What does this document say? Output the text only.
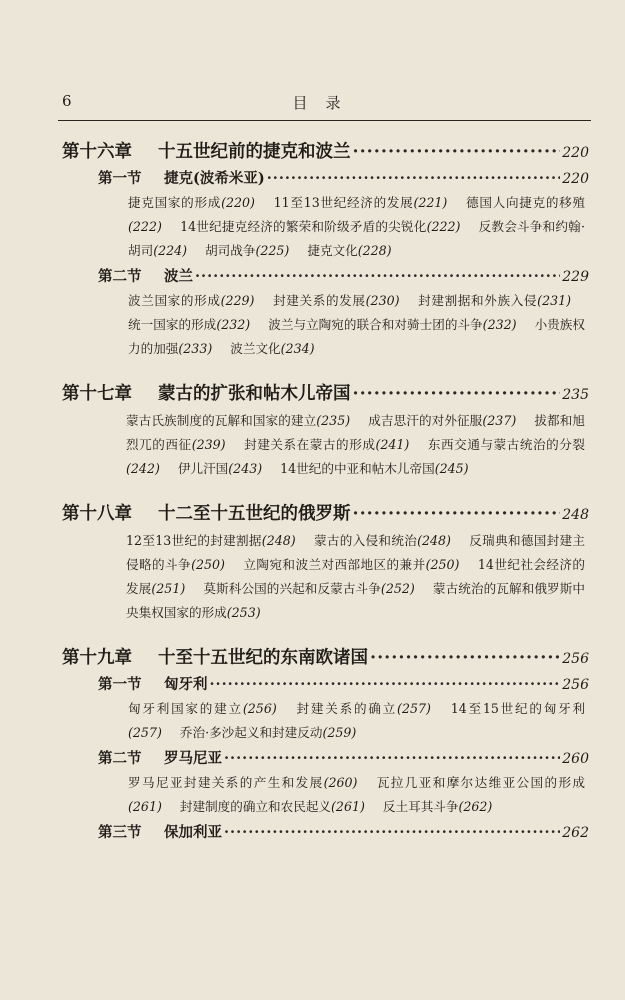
6	目录
第十六章 十五世纪前的捷克和波兰 ·····	220
第一节 捷克(波希米亚) ·····	220
捷克国家的形成(220) 11至13世纪经济的发展(221) 德国人向捷克的移殖(222) 14世纪捷克经济的繁荣和阶级矛盾的尖锐化(222) 反教会斗争和约翰·胡司(224) 胡司战争(225) 捷克文化(228)
第二节 波兰 ·····	229
波兰国家的形成(229) 封建关系的发展(230) 封建割据和外族入侵(231) 统一国家的形成(232) 波兰与立陶宛的联合和对骑士团的斗争(232) 小贵族权力的加强(233) 波兰文化(234)
第十七章 蒙古的扩张和帖木儿帝国 ·····	235
蒙古氏族制度的瓦解和国家的建立(235) 成吉思汗的对外征服(237) 拔都和旭烈兀的西征(239) 封建关系在蒙古的形成(241) 东西交通与蒙古统治的分裂(242) 伊儿汗国(243) 14世纪的中亚和帖木儿帝国(245)
第十八章 十二至十五世纪的俄罗斯 ·····	248
12至13世纪的封建割据(248) 蒙古的入侵和统治(248) 反瑞典和德国封建主侵略的斗争(250) 立陶宛和波兰对西部地区的兼并(250) 14世纪社会经济的发展(251) 莫斯科公国的兴起和反蒙古斗争(252) 蒙古统治的瓦解和俄罗斯中央集权国家的形成(253)
第十九章 十至十五世纪的东南欧诸国 ·····	256
第一节 匈牙利 ·····	256
匈牙利国家的建立(256) 封建关系的确立(257) 14至15世纪的匈牙利(257) 乔治·多沙起义和封建反动(259)
第二节 罗马尼亚 ·····	260
罗马尼亚封建关系的产生和发展(260) 瓦拉几亚和摩尔达维亚公国的形成(261) 封建制度的确立和农民起义(261) 反土耳其斗争(262)
第三节 保加利亚 ·····	262
